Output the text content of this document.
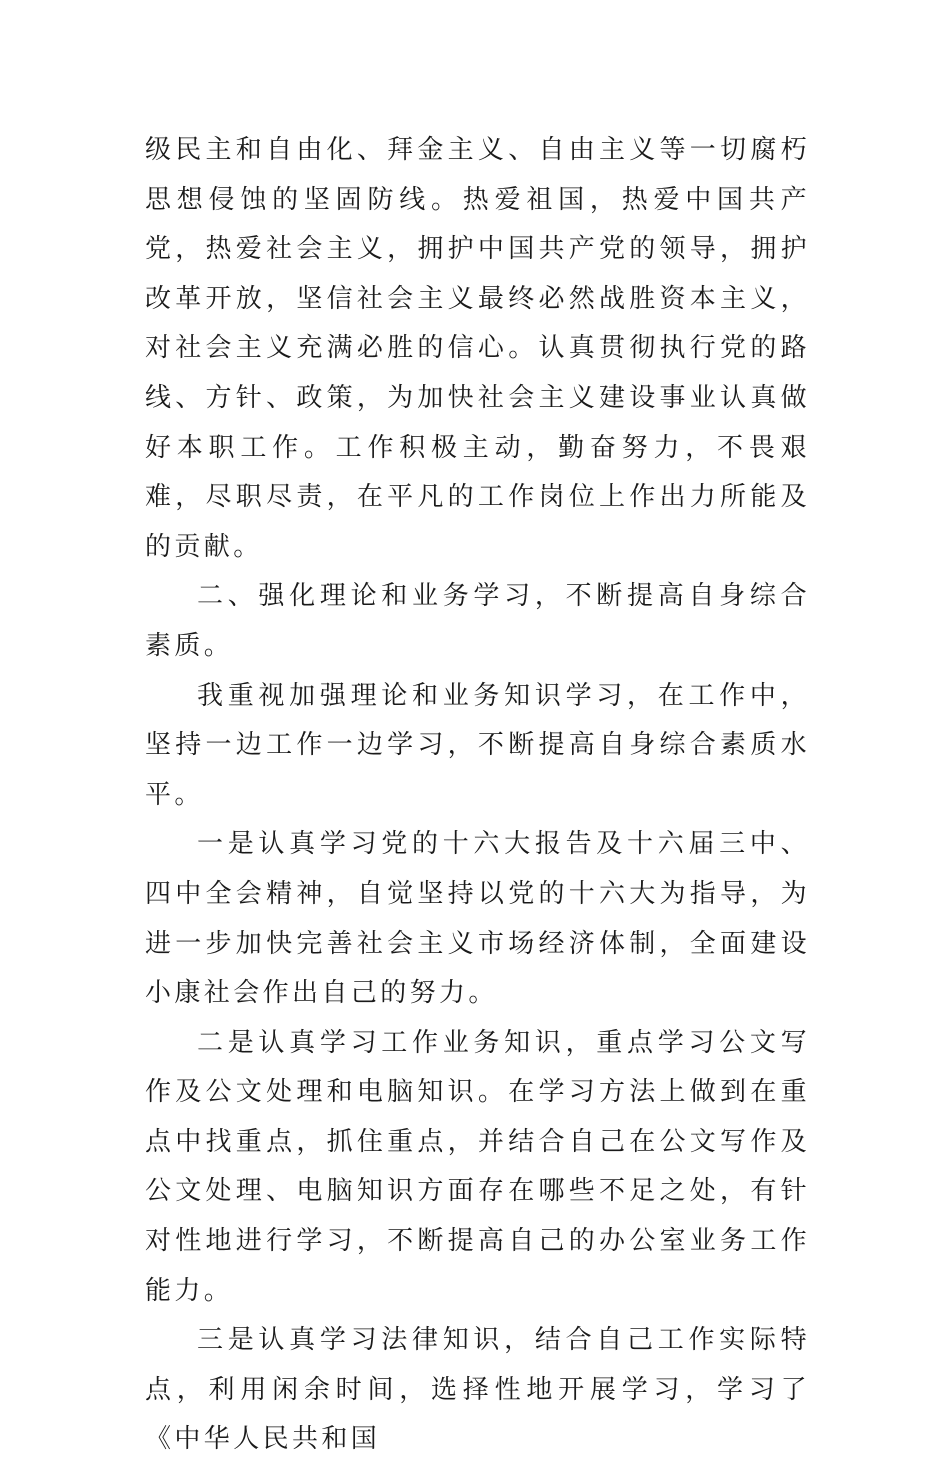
级民主和自由化、拜金主义、自由主义等一切腐朽思想侵蚀的坚固防线。热爱祖国，热爱中国共产党，热爱社会主义，拥护中国共产党的领导，拥护改革开放，坚信社会主义最终必然战胜资本主义，对社会主义充满必胜的信心。认真贯彻执行党的路线、方针、政策，为加快社会主义建设事业认真做好本职工作。工作积极主动，勤奋努力，不畏艰难，尽职尽责，在平凡的工作岗位上作出力所能及的贡献。

二、强化理论和业务学习，不断提高自身综合素质。

我重视加强理论和业务知识学习，在工作中，坚持一边工作一边学习，不断提高自身综合素质水平。

一是认真学习党的十六大报告及十六届三中、四中全会精神，自觉坚持以党的十六大为指导，为进一步加快完善社会主义市场经济体制，全面建设小康社会作出自己的努力。

二是认真学习工作业务知识，重点学习公文写作及公文处理和电脑知识。在学习方法上做到在重点中找重点，抓住重点，并结合自己在公文写作及公文处理、电脑知识方面存在哪些不足之处，有针对性地进行学习，不断提高自己的办公室业务工作能力。

三是认真学习法律知识，结合自己工作实际特点，利用闲余时间，选择性地开展学习，学习了《中华人民共和国
